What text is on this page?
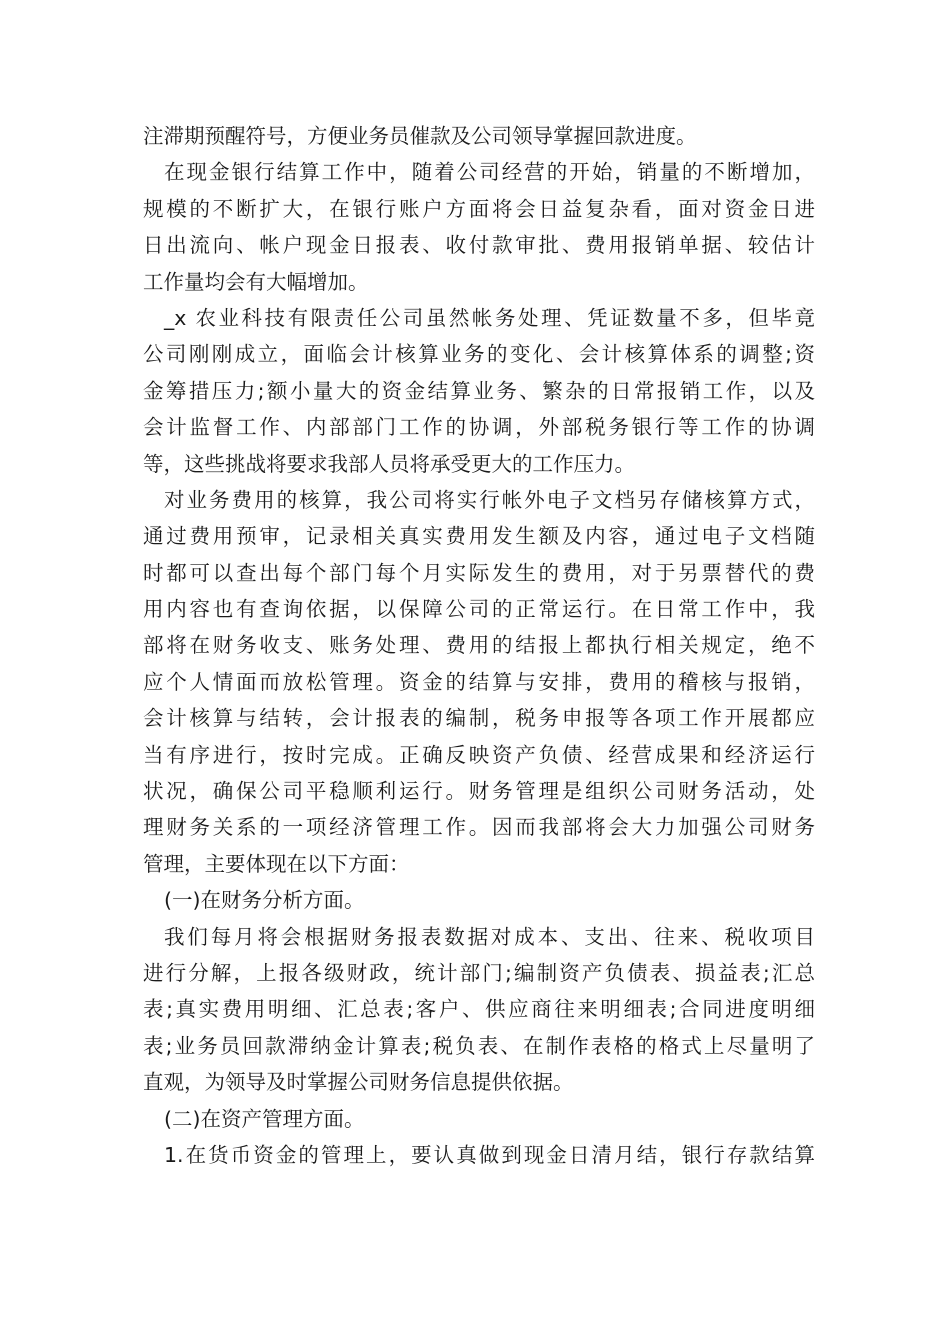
注滞期预醒符号，方便业务员催款及公司领导掌握回款进度。
在现金银行结算工作中，随着公司经营的开始，销量的不断增加，
规模的不断扩大，在银行账户方面将会日益复杂看，面对资金日进
日出流向、帐户现金日报表、收付款审批、费用报销单据、较估计
工作量均会有大幅增加。
_x 农业科技有限责任公司虽然帐务处理、凭证数量不多，但毕竟
公司刚刚成立，面临会计核算业务的变化、会计核算体系的调整;资
金筹措压力;额小量大的资金结算业务、繁杂的日常报销工作，以及
会计监督工作、内部部门工作的协调，外部税务银行等工作的协调
等，这些挑战将要求我部人员将承受更大的工作压力。
对业务费用的核算，我公司将实行帐外电子文档另存储核算方式，
通过费用预审，记录相关真实费用发生额及内容，通过电子文档随
时都可以查出每个部门每个月实际发生的费用，对于另票替代的费
用内容也有查询依据，以保障公司的正常运行。在日常工作中，我
部将在财务收支、账务处理、费用的结报上都执行相关规定，绝不
应个人情面而放松管理。资金的结算与安排，费用的稽核与报销，
会计核算与结转，会计报表的编制，税务申报等各项工作开展都应
当有序进行，按时完成。正确反映资产负债、经营成果和经济运行
状况，确保公司平稳顺利运行。财务管理是组织公司财务活动，处
理财务关系的一项经济管理工作。因而我部将会大力加强公司财务
管理，主要体现在以下方面：
(一)在财务分析方面。
我们每月将会根据财务报表数据对成本、支出、往来、税收项目
进行分解，上报各级财政，统计部门;编制资产负债表、损益表;汇总
表;真实费用明细、汇总表;客户、供应商往来明细表;合同进度明细
表;业务员回款滞纳金计算表;税负表、在制作表格的格式上尽量明了
直观，为领导及时掌握公司财务信息提供依据。
(二)在资产管理方面。
1.在货币资金的管理上，要认真做到现金日清月结，银行存款结算
